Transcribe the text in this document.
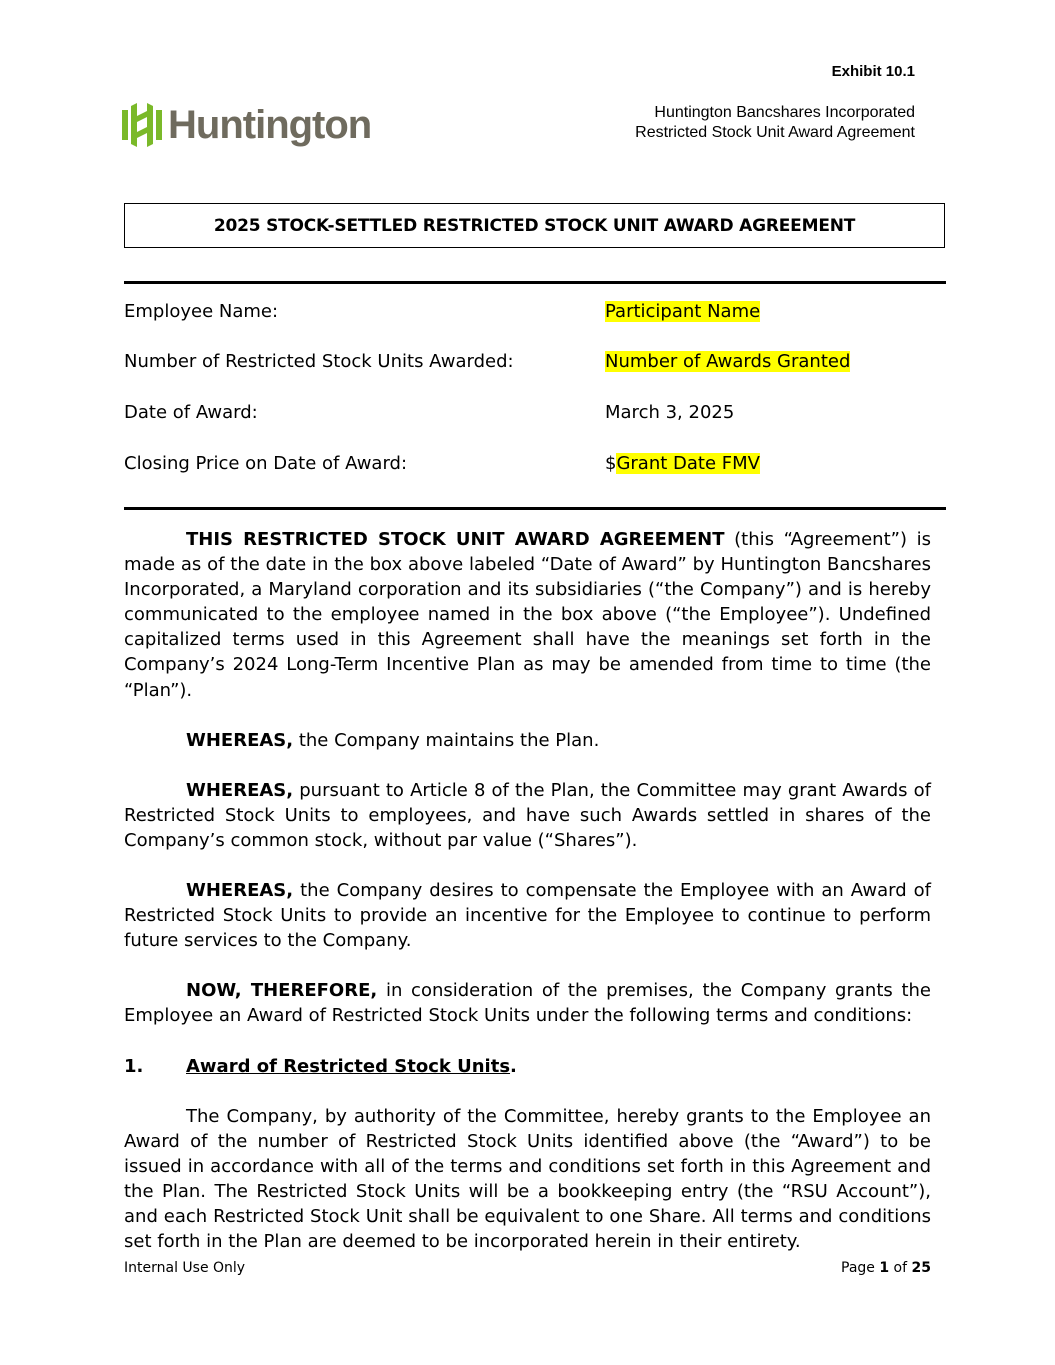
Exhibit 10.1
Huntington	Huntington Bancshares Incorporated
Restricted Stock Unit Award Agreement
2025 STOCK-SETTLED RESTRICTED STOCK UNIT AWARD AGREEMENT
Employee Name:	Participant Name
Number of Restricted Stock Units Awarded:	Number of Awards Granted
Date of Award:	March 3, 2025
Closing Price on Date of Award:	$Grant Date FMV

THIS RESTRICTED STOCK UNIT AWARD AGREEMENT (this “Agreement”) is made as of the date in the box above labeled “Date of Award” by Huntington Bancshares Incorporated, a Maryland corporation and its subsidiaries (“the Company”) and is hereby communicated to the employee named in the box above (“the Employee”). Undefined capitalized terms used in this Agreement shall have the meanings set forth in the Company’s 2024 Long-Term Incentive Plan as may be amended from time to time (the “Plan”).

WHEREAS, the Company maintains the Plan.

WHEREAS, pursuant to Article 8 of the Plan, the Committee may grant Awards of Restricted Stock Units to employees, and have such Awards settled in shares of the Company’s common stock, without par value (“Shares”).

WHEREAS, the Company desires to compensate the Employee with an Award of Restricted Stock Units to provide an incentive for the Employee to continue to perform future services to the Company.

NOW, THEREFORE, in consideration of the premises, the Company grants the Employee an Award of Restricted Stock Units under the following terms and conditions:

1.	Award of Restricted Stock Units.

The Company, by authority of the Committee, hereby grants to the Employee an Award of the number of Restricted Stock Units identified above (the “Award”) to be issued in accordance with all of the terms and conditions set forth in this Agreement and the Plan. The Restricted Stock Units will be a bookkeeping entry (the “RSU Account”), and each Restricted Stock Unit shall be equivalent to one Share. All terms and conditions set forth in the Plan are deemed to be incorporated herein in their entirety.

Internal Use Only	Page 1 of 25
